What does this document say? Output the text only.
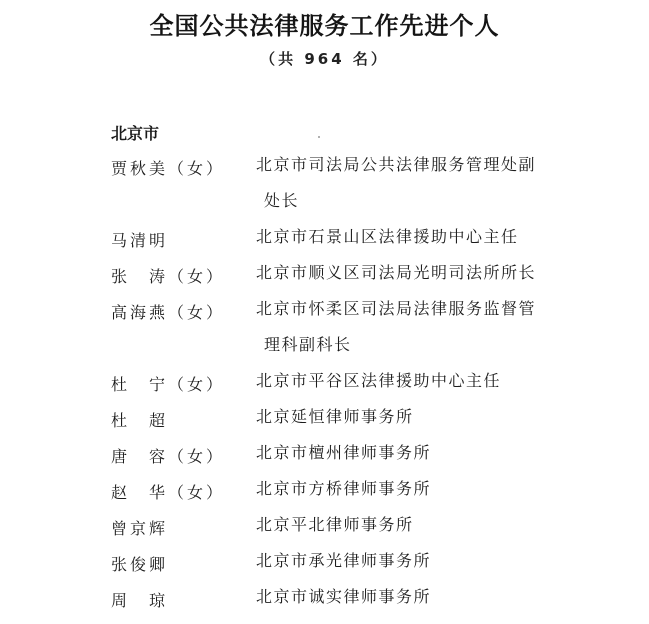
全国公共法律服务工作先进个人
（共 964 名）
北京市
贾秋美（女） 北京市司法局公共法律服务管理处副
处长
马清明	北京市石景山区法律援助中心主任
张　涛（女） 北京市顺义区司法局光明司法所所长
高海燕（女） 北京市怀柔区司法局法律服务监督管
理科副科长
杜　宁（女） 北京市平谷区法律援助中心主任
杜　超	北京延恒律师事务所
唐　容（女） 北京市檀州律师事务所
赵　华（女） 北京市方桥律师事务所
曾京辉	北京平北律师事务所
张俊卿	北京市承光律师事务所
周　琼	北京市诚实律师事务所
